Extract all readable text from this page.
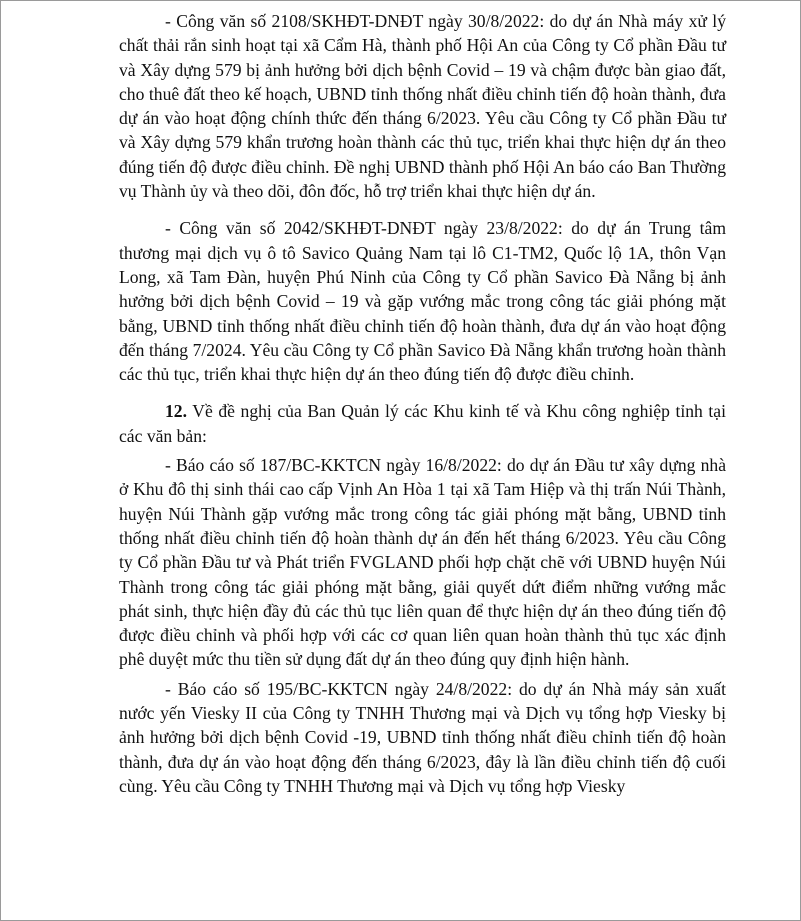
- Công văn số 2108/SKHĐT-DNĐT ngày 30/8/2022: do dự án Nhà máy xử lý chất thải rắn sinh hoạt tại xã Cẩm Hà, thành phố Hội An của Công ty Cổ phần Đầu tư và Xây dựng 579 bị ảnh hưởng bởi dịch bệnh Covid – 19 và chậm được bàn giao đất, cho thuê đất theo kế hoạch, UBND tỉnh thống nhất điều chỉnh tiến độ hoàn thành, đưa dự án vào hoạt động chính thức đến tháng 6/2023. Yêu cầu Công ty Cổ phần Đầu tư và Xây dựng 579 khẩn trương hoàn thành các thủ tục, triển khai thực hiện dự án theo đúng tiến độ được điều chỉnh. Đề nghị UBND thành phố Hội An báo cáo Ban Thường vụ Thành ủy và theo dõi, đôn đốc, hỗ trợ triển khai thực hiện dự án.

- Công văn số 2042/SKHĐT-DNĐT ngày 23/8/2022: do dự án Trung tâm thương mại dịch vụ ô tô Savico Quảng Nam tại lô C1-TM2, Quốc lộ 1A, thôn Vạn Long, xã Tam Đàn, huyện Phú Ninh của Công ty Cổ phần Savico Đà Nẵng bị ảnh hưởng bởi dịch bệnh Covid – 19 và gặp vướng mắc trong công tác giải phóng mặt bằng, UBND tỉnh thống nhất điều chỉnh tiến độ hoàn thành, đưa dự án vào hoạt động đến tháng 7/2024. Yêu cầu Công ty Cổ phần Savico Đà Nẵng khẩn trương hoàn thành các thủ tục, triển khai thực hiện dự án theo đúng tiến độ được điều chỉnh.

12. Về đề nghị của Ban Quản lý các Khu kinh tế và Khu công nghiệp tỉnh tại các văn bản:

- Báo cáo số 187/BC-KKTCN ngày 16/8/2022: do dự án Đầu tư xây dựng nhà ở Khu đô thị sinh thái cao cấp Vịnh An Hòa 1 tại xã Tam Hiệp và thị trấn Núi Thành, huyện Núi Thành gặp vướng mắc trong công tác giải phóng mặt bằng, UBND tỉnh thống nhất điều chỉnh tiến độ hoàn thành dự án đến hết tháng 6/2023. Yêu cầu Công ty Cổ phần Đầu tư và Phát triển FVGLAND phối hợp chặt chẽ với UBND huyện Núi Thành trong công tác giải phóng mặt bằng, giải quyết dứt điểm những vướng mắc phát sinh, thực hiện đầy đủ các thủ tục liên quan để thực hiện dự án theo đúng tiến độ được điều chỉnh và phối hợp với các cơ quan liên quan hoàn thành thủ tục xác định phê duyệt mức thu tiền sử dụng đất dự án theo đúng quy định hiện hành.

- Báo cáo số 195/BC-KKTCN ngày 24/8/2022: do dự án Nhà máy sản xuất nước yến Viesky II của Công ty TNHH Thương mại và Dịch vụ tổng hợp Viesky bị ảnh hưởng bởi dịch bệnh Covid -19, UBND tỉnh thống nhất điều chỉnh tiến độ hoàn thành, đưa dự án vào hoạt động đến tháng 6/2023, đây là lần điều chỉnh tiến độ cuối cùng. Yêu cầu Công ty TNHH Thương mại và Dịch vụ tổng hợp Viesky
